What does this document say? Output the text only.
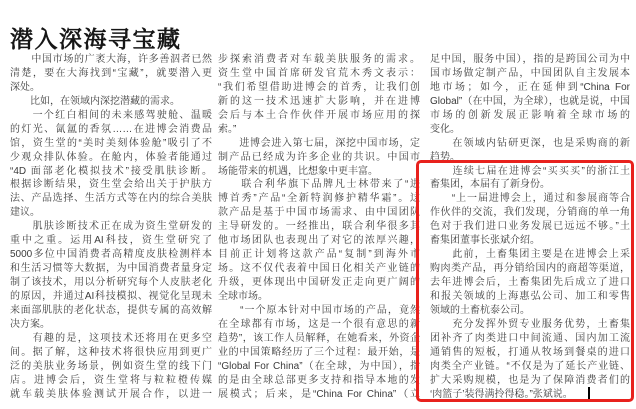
潜入深海寻宝藏
　　中国市场的广袤大海，许多善泅者已然
清楚，要在大海找到“宝藏”，就要潜入更
深处。
　　比如，在领域内深挖潜藏的需求。
　　一个红白相间的未来感驾驶舱、温暖
的灯光、氤氲的香氛……在进博会消费品
馆，资生堂的“美时美刻体验舱”吸引了不
少观众排队体验。在舱内，体验者能通过
“4D 面部老化模拟技术”接受肌肤诊断。
根据诊断结果，资生堂会给出关于护肤方
法、产品选择、生活方式等在内的综合美肤
建议。
　　肌肤诊断技术正在成为资生堂研发的
重中之重。运用AI科技，资生堂研究了
5000多位中国消费者高精度皮肤检测样本
和生活习惯等大数据，为中国消费者量身定
制了该技术，用以分析研究每个人皮肤老化
的原因，并通过AI科技模拟、视觉化呈现未
来面部肌肤的老化状态，提供专属的高效解
决方案。
　　有趣的是，这项技术还将用在更多空
间。据了解，这种技术将很快应用到更广
泛的美肤业务场景，例如资生堂的线下门
店。进博会后，资生堂将与粒粒橙传媒
就车载美肤体验测试开展合作，以进一
步探索消费者对车载美肤服务的需求。
资生堂中国首席研发官荒木秀文表示：
“我们希望借助进博会的首秀，让我们创
新的这一技术迅速扩大影响，并在进博
会后与本土合作伙伴开展市场应用的探
索。”
　　进博会进入第七届，深挖中国市场，定
制产品已经成为许多企业的共识。中国市
场能带来的机遇，比想象中更丰富。
　　联合利华旗下品牌凡士林带来了“进
博首秀”产品“全新特润修护精华霜”。这
款产品是基于中国市场需求、由中国团队
主导研发的。一经推出，联合利华很多其
他市场团队也表现出了对它的浓厚兴趣，
目前正计划将这款产品“复制”到海外市
场。这不仅代表着中国日化相关产业链的
升级，更体现出中国研发正走向更广阔的
全球市场。
　　“一个原本针对中国市场的产品，竟然
在全球都有市场，这是一个很有意思的新
趋势”，该工作人员解释，在她看来，外资企
业的中国策略经历了三个过程：最开始，是
“Global For China”（在全球，为中国），指
的是由全球总部更多支持和指导本地的发
展模式；后来，是“China For China”（立
足中国，服务中国），指的是跨国公司为中
国市场做定制产品，中国团队自主发展本
地市场；如今，正在延伸到“China For
Global”（在中国，为全球），也就是说，中国
市场的创新发展正影响着全球市场的
变化。
　　在领域内钻研更深，也是采购商的新
趋势。
　　连续七届在进博会“买买买”的浙江土
畜集团，本届有了新身份。
　　“上一届进博会上，通过和参展商等合
作伙伴的交流，我们发现，分销商的单一角
色对于我们进口业务发展已远远不够。”土
畜集团董事长张斌介绍。
　　此前，土畜集团主要是在进博会上采
购肉类产品，再分销给国内的商超等渠道，
去年进博会后，土畜集团先后成立了进口
和报关领域的上海惠弘公司、加工和零售
领域的土畜杭泰公司。
　　充分发挥外贸专业服务优势，土畜集
团补齐了肉类进口中间流通、国内加工流
通销售的短板，打通从牧场到餐桌的进口
肉类全产业链。“不仅是为了延长产业链、
扩大采购规模，也是为了保障消费者们的
‘肉篮子’装得满拎得稳。”张斌说。
